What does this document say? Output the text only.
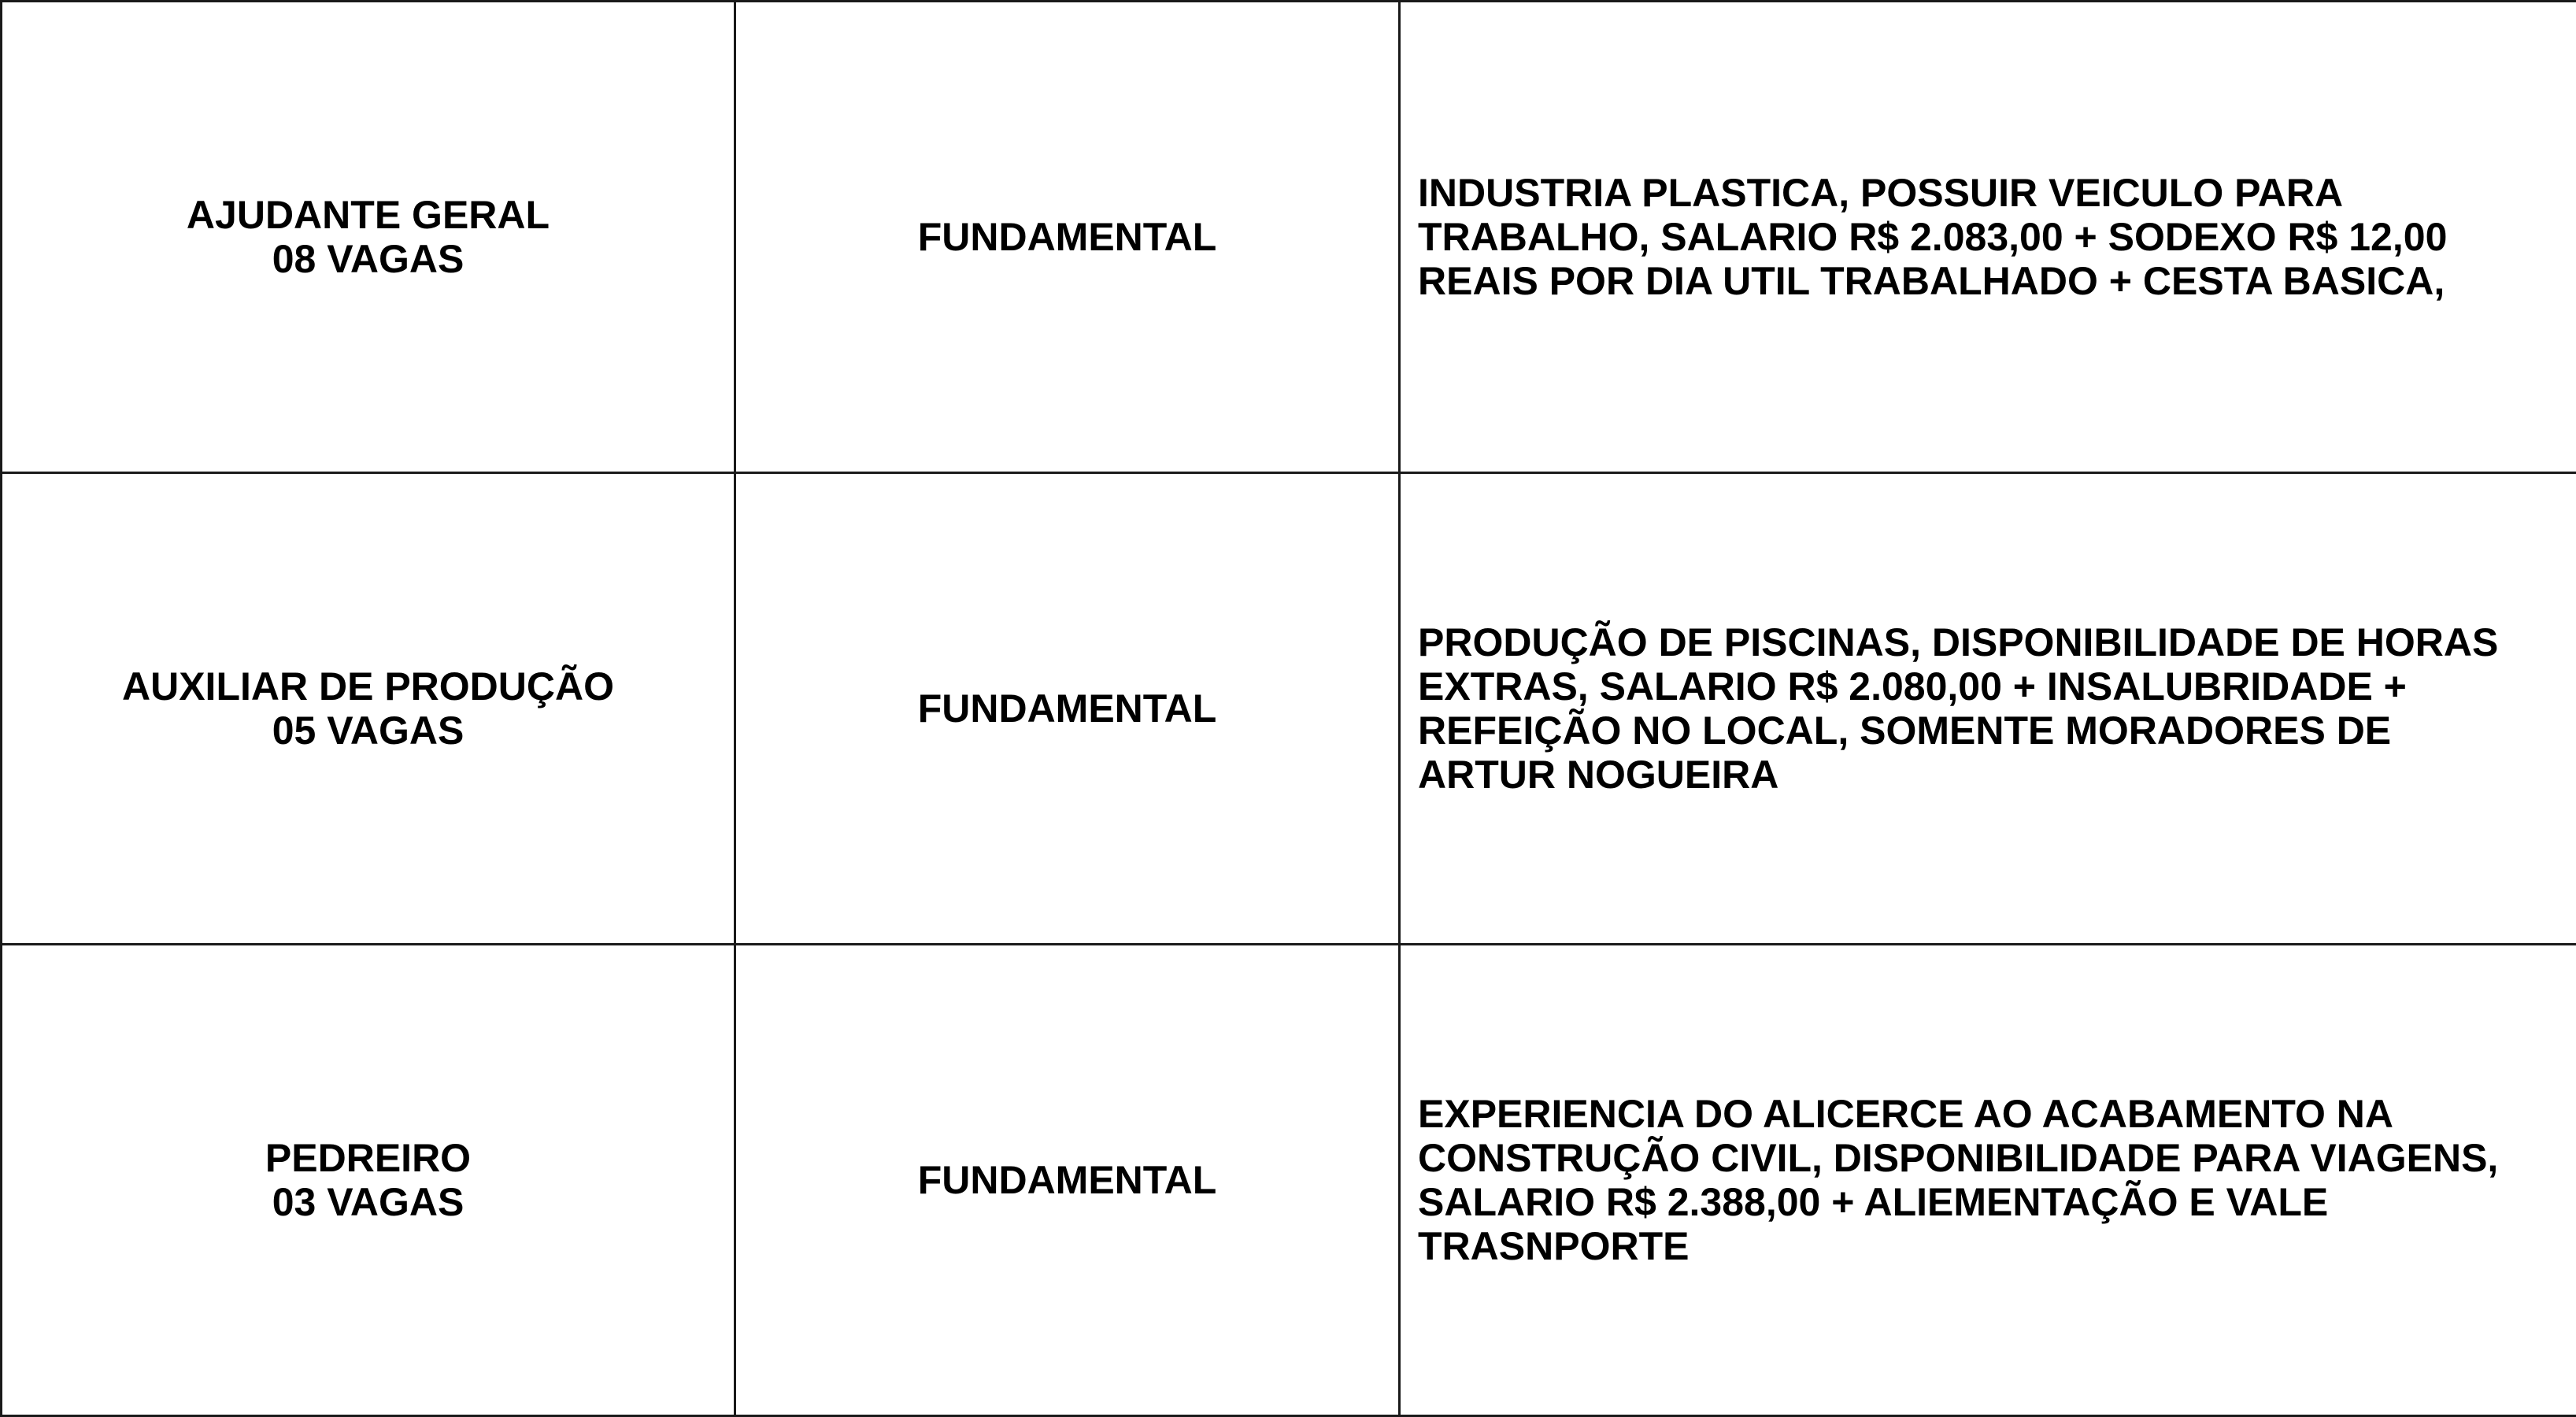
AJUDANTE GERAL
08 VAGAS	FUNDAMENTAL	INDUSTRIA PLASTICA, POSSUIR VEICULO PARA
TRABALHO, SALARIO R$ 2.083,00 + SODEXO R$ 12,00
REAIS POR DIA UTIL TRABALHADO + CESTA BASICA,

AUXILIAR DE PRODUÇÃO
05 VAGAS	FUNDAMENTAL	PRODUÇÃO DE PISCINAS, DISPONIBILIDADE DE HORAS
EXTRAS, SALARIO R$ 2.080,00 + INSALUBRIDADE +
REFEIÇÃO NO LOCAL, SOMENTE MORADORES DE
ARTUR NOGUEIRA

PEDREIRO
03 VAGAS	FUNDAMENTAL	EXPERIENCIA DO ALICERCE AO ACABAMENTO NA
CONSTRUÇÃO CIVIL, DISPONIBILIDADE PARA VIAGENS,
SALARIO R$ 2.388,00 + ALIEMENTAÇÃO E VALE
TRASNPORTE
